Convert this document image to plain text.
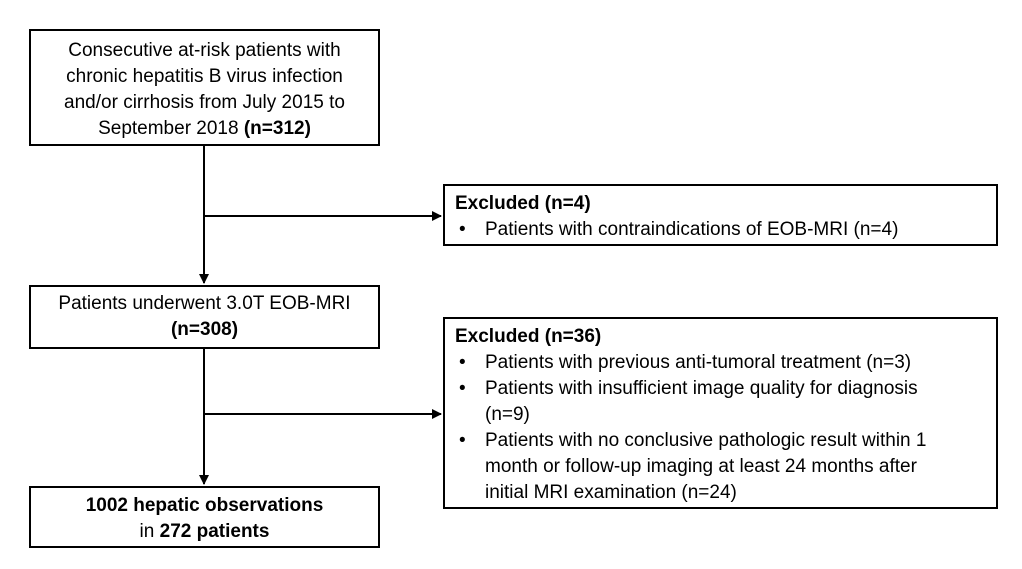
Consecutive at-risk patients with
chronic hepatitis B virus infection
and/or cirrhosis from July 2015 to
September 2018 (n=312)
Excluded (n=4)
• Patients with contraindications of EOB-MRI (n=4)
Patients underwent 3.0T EOB-MRI
(n=308)	Excluded (n=36)
• Patients with previous anti-tumoral treatment (n=3)
• Patients with insufficient image quality for diagnosis
(n=9)
• Patients with no conclusive pathologic result within 1
month or follow-up imaging at least 24 months after
initial MRI examination (n=24)
1002 hepatic observations
in 272 patients
